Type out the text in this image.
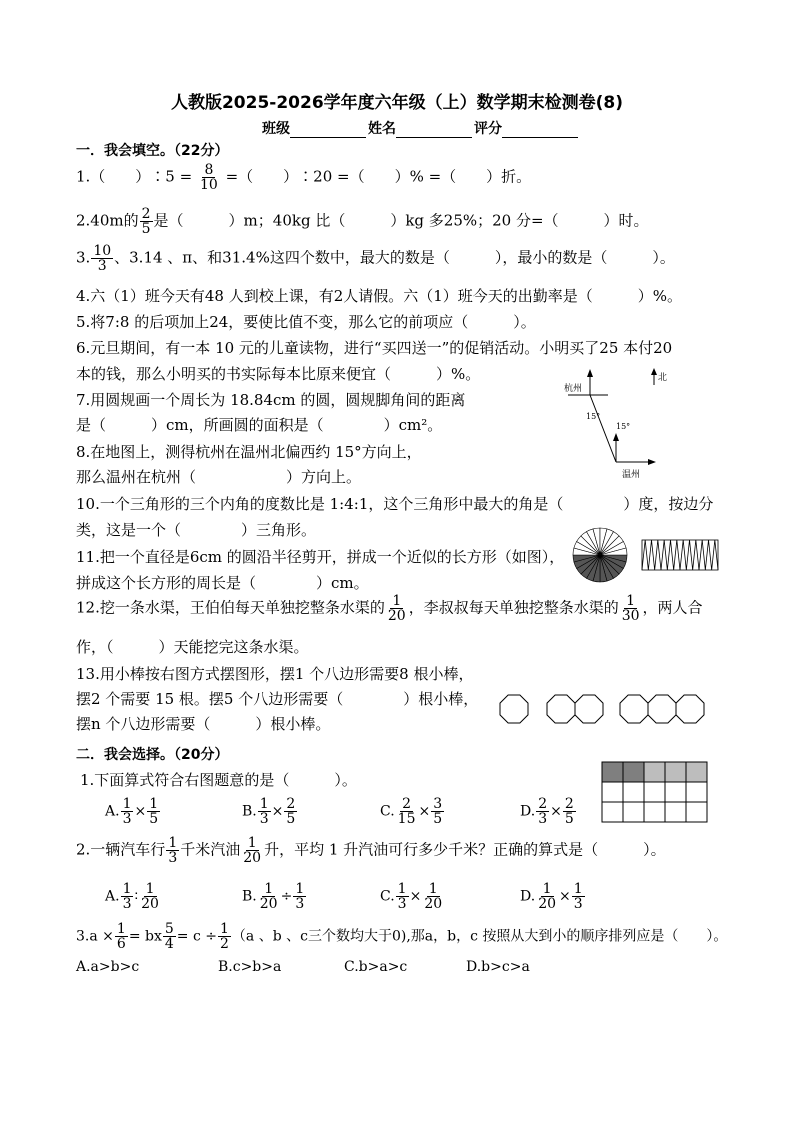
人教版2025-2026学年度六年级（上）数学期末检测卷(8)
班级	姓名	评分
一．我会填空。（22分）
1.（　　）∶5 = $\frac{8}{10}$ =（　　）∶20 =（　　）% =（　　）折。
2.40m的 $\frac{2}{5}$ 是（　　　）m；40kg 比（　　　）kg 多25%；20 分=（　　　）时。
3. $\frac{10}{3}$ 、3.14 、π、和31.4%这四个数中，最大的数是（　　　），最小的数是（　　　）。
4.六（1）班今天有48 人到校上课，有2人请假。六（1）班今天的出勤率是（　　　）%。
5.将7:8 的后项加上24，要使比值不变，那么它的前项应（　　　）。
6.元旦期间，有一本 10 元的儿童读物，进行“买四送一”的促销活动。小明买了25 本付20
本的钱，那么小明买的书实际每本比原来便宜（　　　）%。
7.用圆规画一个周长为 18.84cm 的圆，圆规脚角间的距离
是（　　　）cm，所画圆的面积是（　　　　）cm²。
8.在地图上，测得杭州在温州北偏西约 15°方向上，
那么温州在杭州（　　　　　　）方向上。
杭州
北
15°
15°
温州
10.一个三角形的三个内角的度数比是 1:4:1，这个三角形中最大的角是（　　　　）度，按边分
类，这是一个（　　　　）三角形。
11.把一个直径是6cm 的圆沿半径剪开，拼成一个近似的长方形（如图），
拼成这个长方形的周长是（　　　　）cm。
12.挖一条水渠，王伯伯每天单独挖整条水渠的 $\frac{1}{20}$ ，李叔叔每天单独挖整条水渠的 $\frac{1}{30}$ ，两人合
作，（　　　）天能挖完这条水渠。
13.用小棒按右图方式摆图形，摆1 个八边形需要8 根小棒，
摆2 个需要 15 根。摆5 个八边形需要（　　　　）根小棒，
摆n 个八边形需要（　　　）根小棒。
二．我会选择。（20分）
1.下面算式符合右图题意的是（　　　）。
A. $\frac{1}{3} \times \frac{1}{5}$	B. $\frac{1}{3} \times \frac{2}{5}$	C. $\frac{2}{15} \times \frac{3}{5}$	D. $\frac{2}{3} \times \frac{2}{5}$
2.一辆汽车行 $\frac{1}{3}$ 千米汽油 $\frac{1}{20}$ 升，平均 1 升汽油可行多少千米？正确的算式是（　　　）。
A. $\frac{1}{3}$ ∶ $\frac{1}{20}$	B. $\frac{1}{20} \div \frac{1}{3}$	C. $\frac{1}{3} \times \frac{1}{20}$	D. $\frac{1}{20} \times \frac{1}{3}$
$3.a \times \frac{1}{6}$ = bx $\frac{5}{4} = c \div \frac{1}{2} (a$ 、b 、c三个数均大于0),那a，b，c 按照从大到小的顺序排列应是（　　）。
A.a>b>c	B.c>b>a	C.b>a>c	D.b>c>a
